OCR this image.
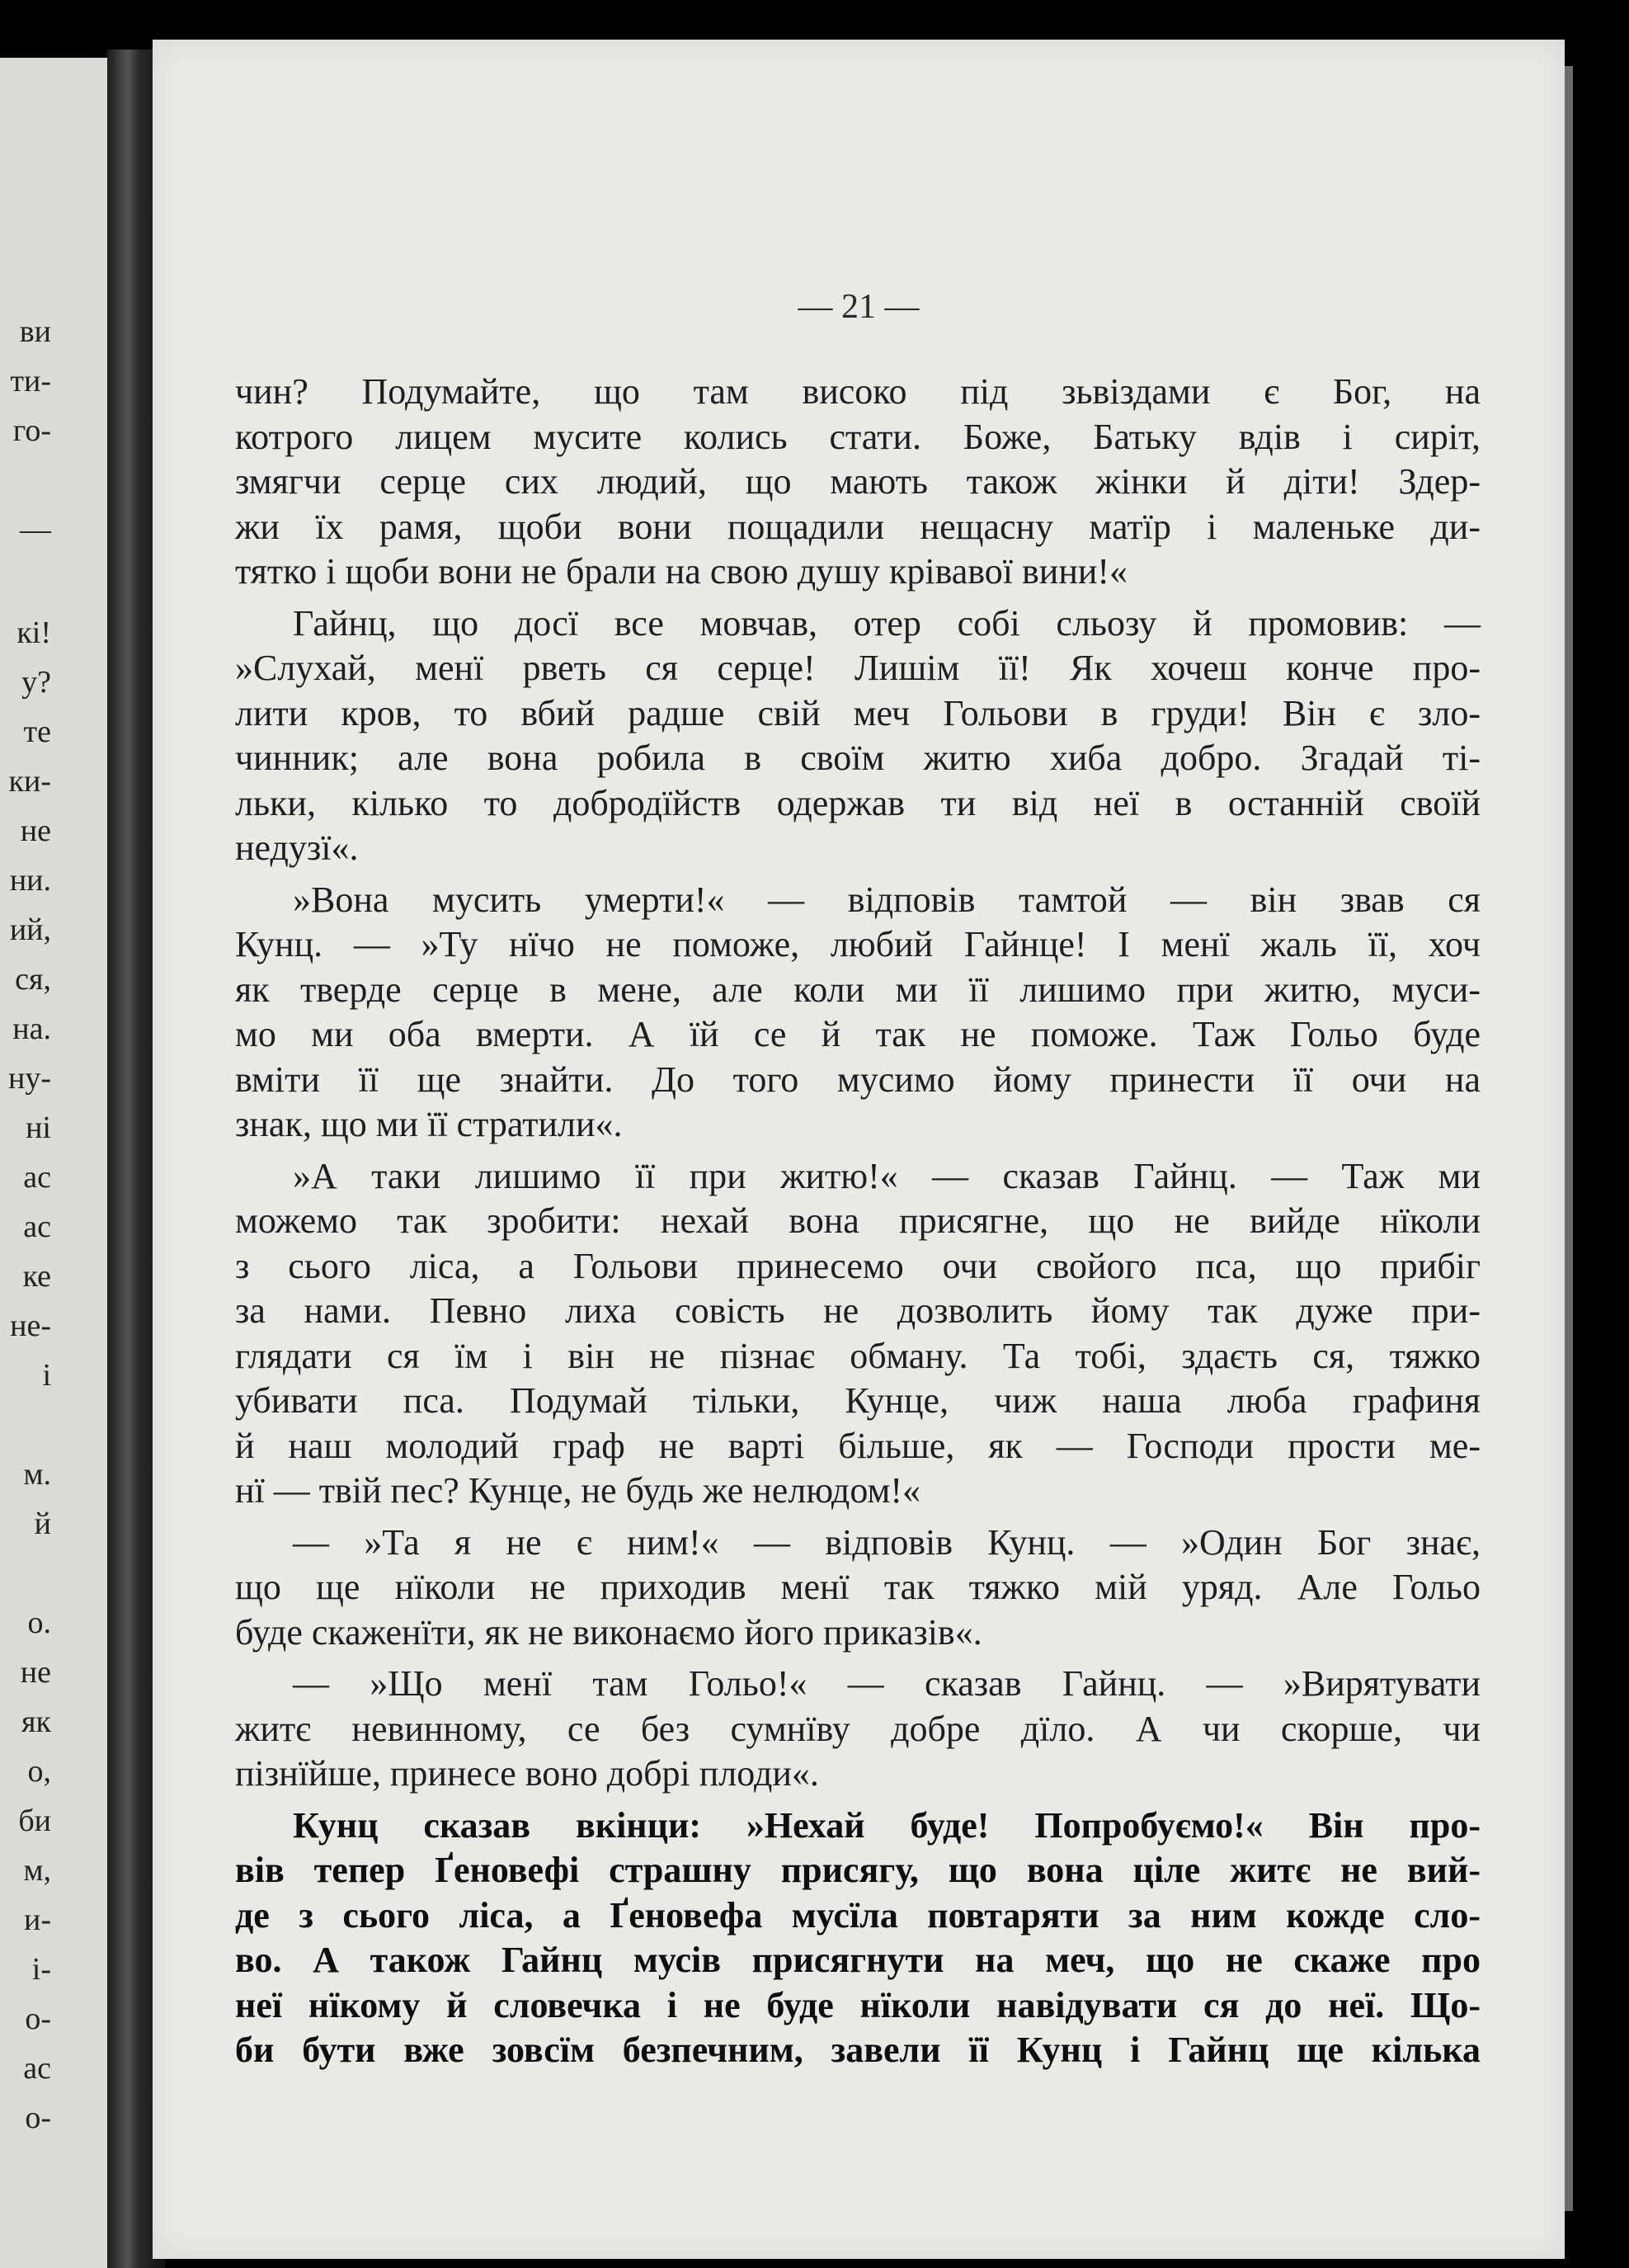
ви
ти-
го-
—
кі!
у?
те
ки-
не
ни.
ий,
ся,
на.
ну-
ні
ас
ас
ке
не-
і
м.
й
о.
не
як
о,
би
м,
и-
і-
о-
ас
о-
— 21 —
чин? Подумайте, що там високо під зьвіздами є Бог, на
котрого лицем мусите колись стати. Боже, Батьку вдів і сиріт,
змягчи серце сих людий, що мають також жінки й діти! Здер-
жи їх рамя, щоби вони пощадили нещасну матїр і маленьке ди-
тятко і щоби вони не брали на свою душу крівавої вини!«
Гайнц, що досї все мовчав, отер собі сльозу й промовив: —
»Слухай, менї рветь ся серце! Лишім її! Як хочеш конче про-
лити кров, то вбий радше свій меч Гольови в груди! Він є зло-
чинник; але вона робила в своїм житю хиба добро. Згадай ті-
льки, кілько то добродїйств одержав ти від неї в останній своїй
недузї«.
»Вона мусить умерти!« — відповів тамтой — він звав ся
Кунц. — »Ту нїчо не поможе, любий Гайнце! І менї жаль її, хоч
як тверде серце в мене, але коли ми її лишимо при житю, муси-
мо ми оба вмерти. А їй се й так не поможе. Таж Гольо буде
вміти її ще знайти. До того мусимо йому принести її очи на
знак, що ми її стратили«.
»А таки лишимо її при житю!« — сказав Гайнц. — Таж ми
можемо так зробити: нехай вона присягне, що не вийде нїколи
з сього ліса, а Гольови принесемо очи свойого пса, що прибіг
за нами. Певно лиха совість не дозволить йому так дуже при-
глядати ся їм і він не пізнає обману. Та тобі, здаєть ся, тяжко
убивати пса. Подумай тільки, Кунце, чиж наша люба графиня
й наш молодий граф не варті більше, як — Господи прости ме-
нї — твій пес? Кунце, не будь же нелюдом!«
— »Та я не є ним!« — відповів Кунц. — »Один Бог знає,
що ще нїколи не приходив менї так тяжко мій уряд. Але Гольо
буде скаженїти, як не виконаємо його приказів«.
— »Що менї там Гольо!« — сказав Гайнц. — »Вирятувати
житє невинному, се без сумнїву добре дїло. А чи скорше, чи
пізнїйше, принесе воно добрі плоди«.
Кунц сказав вкінци: »Нехай буде! Попробуємо!« Він про-
вів тепер Ґеновефі страшну присягу, що вона ціле житє не вий-
де з сього ліса, а Ґеновефа мусїла повтаряти за ним кожде сло-
во. А також Гайнц мусів присягнути на меч, що не скаже про
неї нїкому й словечка і не буде нїколи навідувати ся до неї. Що-
би бути вже зовсїм безпечним, завели її Кунц і Гайнц ще кілька
